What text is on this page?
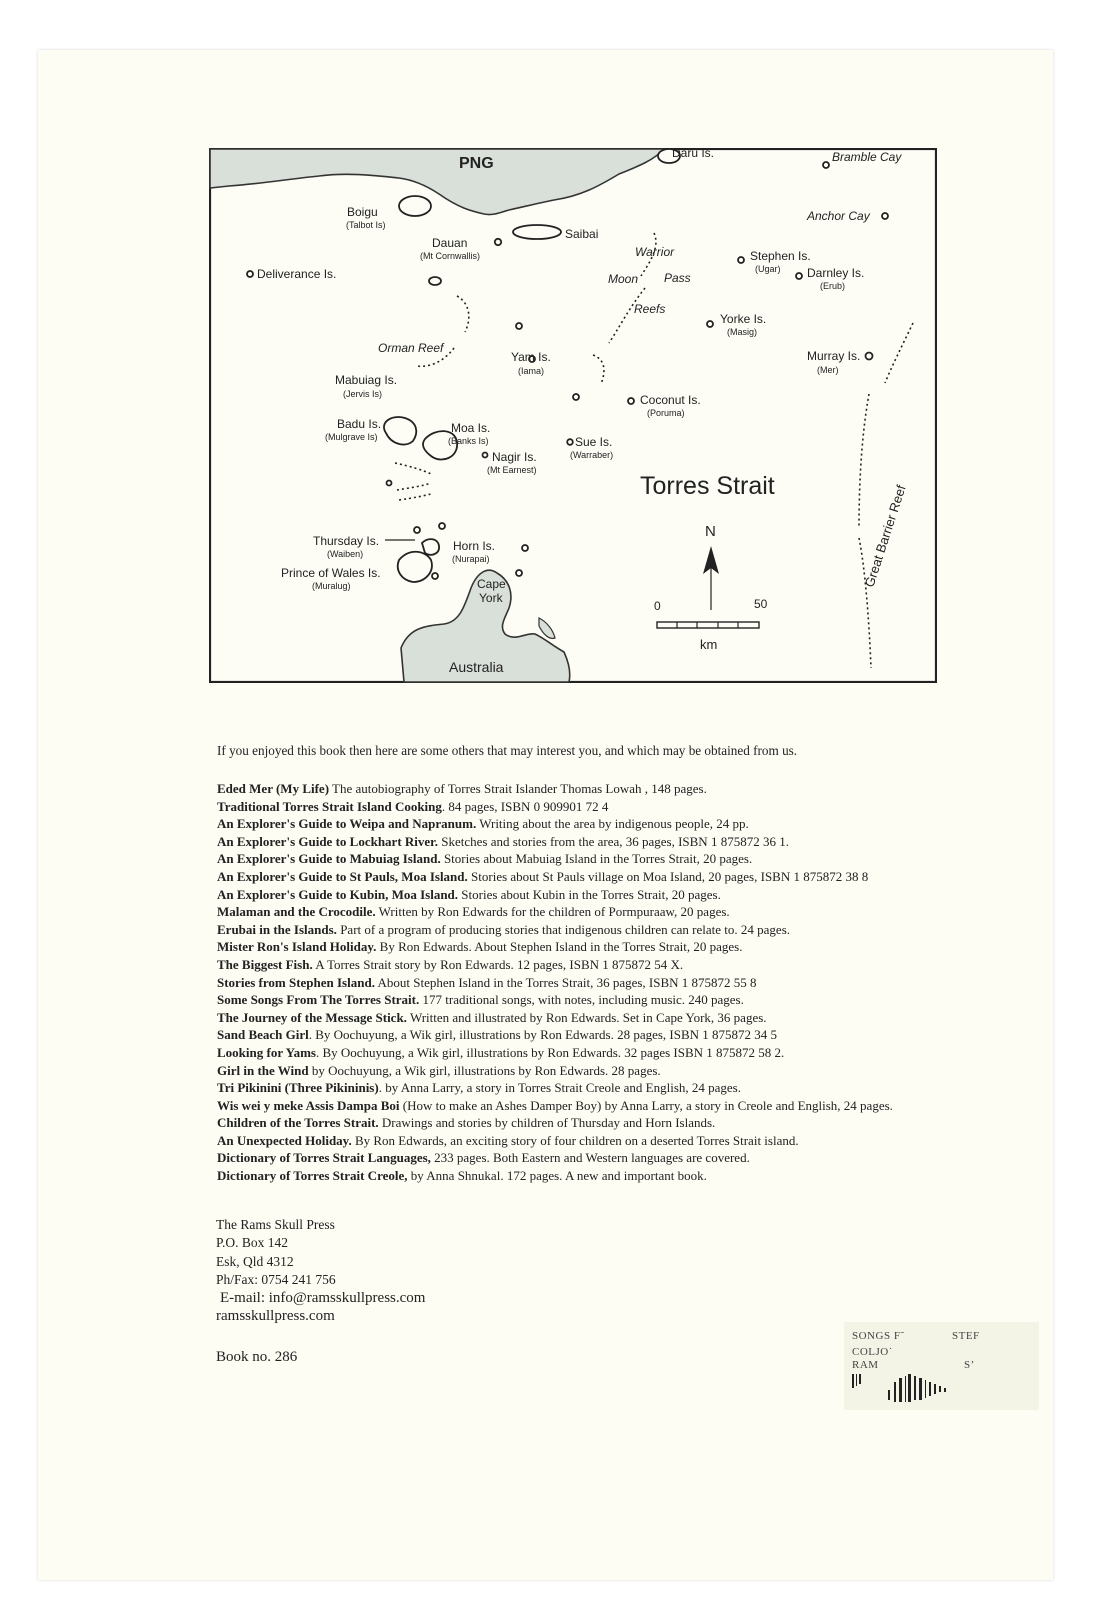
PNG
Daru Is.	Bramble Cay
Anchor Cay
Boigu
(Talbot Is)
Saibai
Dauan
(Mt Cornwallis)
Deliverance Is.
Warrior
Moon Pass
Reefs
Stephen Is.
(Ugar) Darnley Is.
(Erub)
Yorke Is.
(Masig)
Orman Reef
Yam Is.
(Iama)
Murray Is.
(Mer)
Mabuiag Is.
(Jervis Is)	Coconut Is.
(Poruma)
Badu Is.
(Mulgrave Is)
Moa Is.
(Banks Is)	Sue Is.
(Warraber)
Nagir Is.
(Mt Earnest)
Torres Strait
Thursday Is.
(Waiben)
Horn Is.
(Nurapai)
Prince of Wales Is.
(Muralug)	Cape
York
Australia
Great Barrier Reef
N
0	50
km
If you enjoyed this book then here are some others that may interest you, and which may be obtained from us.
Eded Mer (My Life) The autobiography of Torres Strait Islander Thomas Lowah , 148 pages.
Traditional Torres Strait Island Cooking. 84 pages, ISBN 0 909901 72 4
An Explorer's Guide to Weipa and Napranum. Writing about the area by indigenous people, 24 pp.
An Explorer's Guide to Lockhart River. Sketches and stories from the area, 36 pages, ISBN 1 875872 36 1.
An Explorer's Guide to Mabuiag Island. Stories about Mabuiag Island in the Torres Strait, 20 pages.
An Explorer's Guide to St Pauls, Moa Island. Stories about St Pauls village on Moa Island, 20 pages, ISBN 1 875872 38 8
An Explorer's Guide to Kubin, Moa Island. Stories about Kubin in the Torres Strait, 20 pages.
Malaman and the Crocodile. Written by Ron Edwards for the children of Pormpuraaw, 20 pages.
Erubai in the Islands. Part of a program of producing stories that indigenous children can relate to. 24 pages.
Mister Ron's Island Holiday. By Ron Edwards. About Stephen Island in the Torres Strait, 20 pages.
The Biggest Fish. A Torres Strait story by Ron Edwards. 12 pages, ISBN 1 875872 54 X.
Stories from Stephen Island. About Stephen Island in the Torres Strait, 36 pages, ISBN 1 875872 55 8
Some Songs From The Torres Strait. 177 traditional songs, with notes, including music. 240 pages.
The Journey of the Message Stick. Written and illustrated by Ron Edwards. Set in Cape York, 36 pages.
Sand Beach Girl. By Oochuyung, a Wik girl, illustrations by Ron Edwards. 28 pages, ISBN 1 875872 34 5
Looking for Yams. By Oochuyung, a Wik girl, illustrations by Ron Edwards. 32 pages ISBN 1 875872 58 2.
Girl in the Wind by Oochuyung, a Wik girl, illustrations by Ron Edwards. 28 pages.
Tri Pikinini (Three Pikininis). by Anna Larry, a story in Torres Strait Creole and English, 24 pages.
Wis wei y meke Assis Dampa Boi (How to make an Ashes Damper Boy) by Anna Larry, a story in Creole and English, 24 pages.
Children of the Torres Strait. Drawings and stories by children of Thursday and Horn Islands.
An Unexpected Holiday. By Ron Edwards, an exciting story of four children on a deserted Torres Strait island.
Dictionary of Torres Strait Languages, 233 pages. Both Eastern and Western languages are covered.
Dictionary of Torres Strait Creole, by Anna Shnukal. 172 pages. A new and important book.
The Rams Skull Press
P.O. Box 142
Esk, Qld 4312
Ph/Fax: 0754 241 756
E-mail: info@ramsskullpress.com
ramsskullpress.com
Book no. 286
SONGS F˜	STEF
COLJO˙
RAM	Sʼ
